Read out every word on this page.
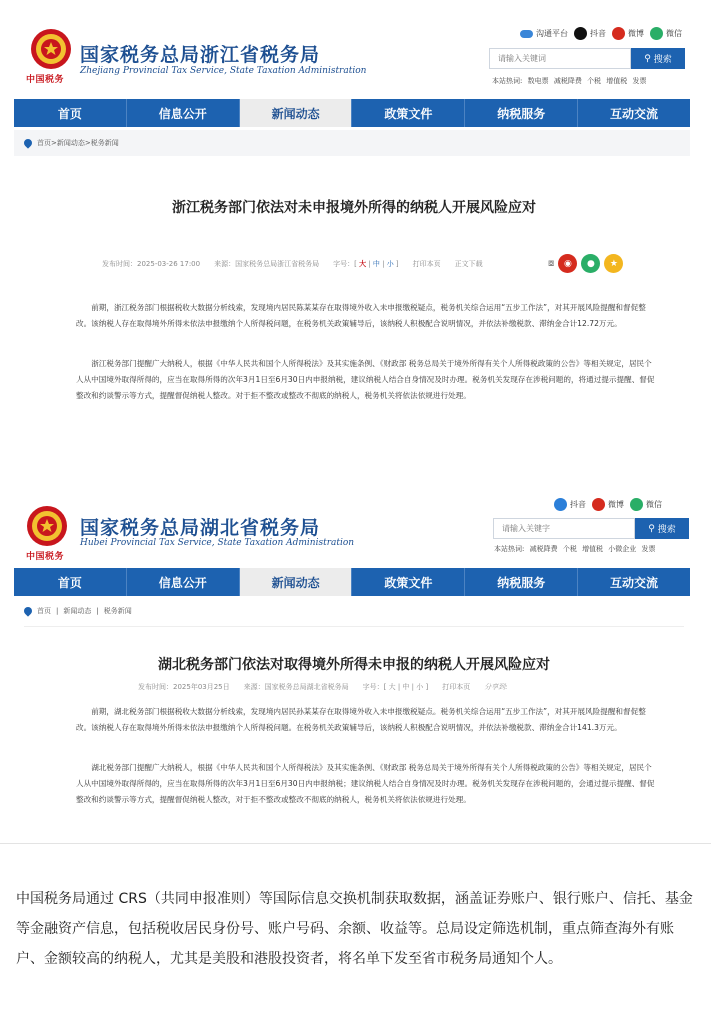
中国税务
国家税务总局浙江省税务局
Zhejiang Provincial Tax Service, State Taxation Administration
沟通平台	抖音	微博	微信
请输入关键词
⚲ 搜索
本站热词: 数电票 减税降费 个税 增值税 发票
首页	信息公开	新闻动态	政策文件	纳税服务	互动交流
首页>新闻动态>税务新闻
浙江税务部门依法对未申报境外所得的纳税人开展风险应对
发布时间：2025-03-26 17:00 来源：国家税务总局浙江省税务局 字号：[ 大 | 中 | 小 ] 打印本页 正文下载	⧇	◉	●	★
前期，浙江税务部门根据税收大数据分析线索，发现境内居民陈某某存在取得境外收入未申报缴税疑点，税务机关综合运用“五步工作法”，对其开展风险提醒和督促整改。该纳税人存在取得境外所得未依法申报缴纳个人所得税问题，在税务机关政策辅导后，该纳税人积极配合说明情况，并依法补缴税款、滞纳金合计12.72万元。
浙江税务部门提醒广大纳税人，根据《中华人民共和国个人所得税法》及其实施条例、《财政部 税务总局关于境外所得有关个人所得税政策的公告》等相关规定，居民个人从中国境外取得所得的，应当在取得所得的次年3月1日至6月30日内申报纳税，建议纳税人结合自身情况及时办理。税务机关发现存在涉税问题的，将通过提示提醒、督促整改和约谈警示等方式，提醒督促纳税人整改。对于拒不整改或整改不彻底的纳税人，税务机关将依法依规进行处理。
中国税务
国家税务总局湖北省税务局
Hubei Provincial Tax Service, State Taxation Administration
抖音	微博	微信
请输入关键字
⚲ 搜索
本站热词: 减税降费 个税 增值税 小微企业 发票
首页	信息公开	新闻动态	政策文件	纳税服务	互动交流
首页 | 新闻动态 | 税务新闻
湖北税务部门依法对取得境外所得未申报的纳税人开展风险应对
发布时间：2025年03月25日 来源：国家税务总局湖北省税务局 字号：[ 大 | 中 | 小 ] 打印本页 分享到:
前期，湖北税务部门根据税收大数据分析线索，发现境内居民孙某某存在取得境外收入未申报缴税疑点。税务机关综合运用“五步工作法”，对其开展风险提醒和督促整改。该纳税人存在取得境外所得未依法申报缴纳个人所得税问题。在税务机关政策辅导后，该纳税人积极配合说明情况，并依法补缴税款、滞纳金合计141.3万元。
湖北税务部门提醒广大纳税人，根据《中华人民共和国个人所得税法》及其实施条例、《财政部 税务总局关于境外所得有关个人所得税政策的公告》等相关规定，居民个人从中国境外取得所得的，应当在取得所得的次年3月1日至6月30日内申报纳税；建议纳税人结合自身情况及时办理。税务机关发现存在涉税问题的，会通过提示提醒、督促整改和约谈警示等方式，提醒督促纳税人整改，对于拒不整改或整改不彻底的纳税人，税务机关将依法依规进行处理。
中国税务局通过 CRS（共同申报准则）等国际信息交换机制获取数据，涵盖证券账户、银行账户、信托、基金等金融资产信息，包括税收居民身份号、账户号码、余额、收益等。总局设定筛选机制，重点筛查海外有账户、金额较高的纳税人，尤其是美股和港股投资者，将名单下发至省市税务局通知个人。
